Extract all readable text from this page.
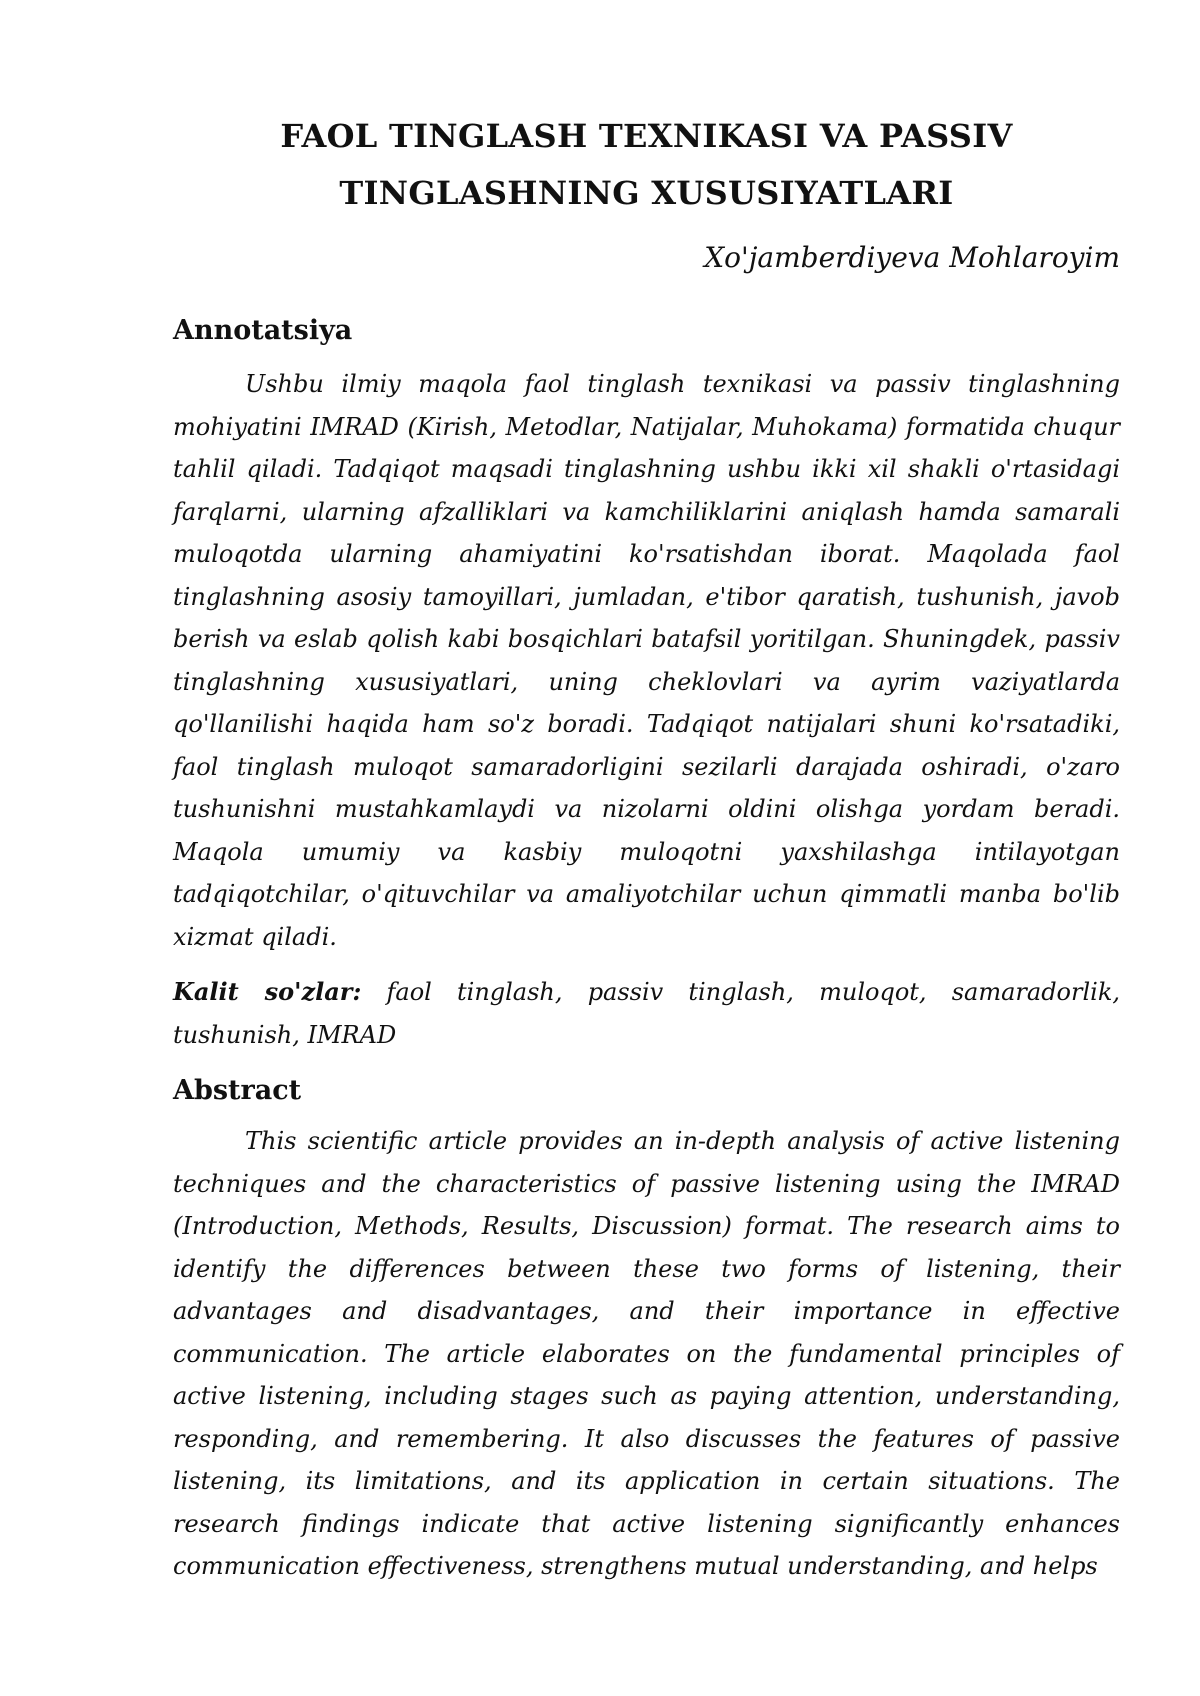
FAOL TINGLASH TEXNIKASI VA PASSIV
TINGLASHNING XUSUSIYATLARI
Xo'jamberdiyeva Mohlaroyim
Annotatsiya

Ushbu ilmiy maqola faol tinglash texnikasi va passiv tinglashning mohiyatini IMRAD (Kirish, Metodlar, Natijalar, Muhokama) formatida chuqur tahlil qiladi. Tadqiqot maqsadi tinglashning ushbu ikki xil shakli o'rtasidagi farqlarni, ularning afzalliklari va kamchiliklarini aniqlash hamda samarali muloqotda ularning ahamiyatini ko'rsatishdan iborat. Maqolada faol tinglashning asosiy tamoyillari, jumladan, e'tibor qaratish, tushunish, javob berish va eslab qolish kabi bosqichlari batafsil yoritilgan. Shuningdek, passiv tinglashning xususiyatlari, uning cheklovlari va ayrim vaziyatlarda qo'llanilishi haqida ham so'z boradi. Tadqiqot natijalari shuni ko'rsatadiki, faol tinglash muloqot samaradorligini sezilarli darajada oshiradi, o'zaro tushunishni mustahkamlaydi va nizolarni oldini olishga yordam beradi. Maqola umumiy va kasbiy muloqotni yaxshilashga intilayotgan tadqiqotchilar, o'qituvchilar va amaliyotchilar uchun qimmatli manba bo'lib xizmat qiladi.

Kalit so'zlar: faol tinglash, passiv tinglash, muloqot, samaradorlik, tushunish, IMRAD

Abstract

This scientific article provides an in-depth analysis of active listening techniques and the characteristics of passive listening using the IMRAD (Introduction, Methods, Results, Discussion) format. The research aims to identify the differences between these two forms of listening, their advantages and disadvantages, and their importance in effective communication. The article elaborates on the fundamental principles of active listening, including stages such as paying attention, understanding, responding, and remembering. It also discusses the features of passive listening, its limitations, and its application in certain situations. The research findings indicate that active listening significantly enhances communication effectiveness, strengthens mutual understanding, and helps
